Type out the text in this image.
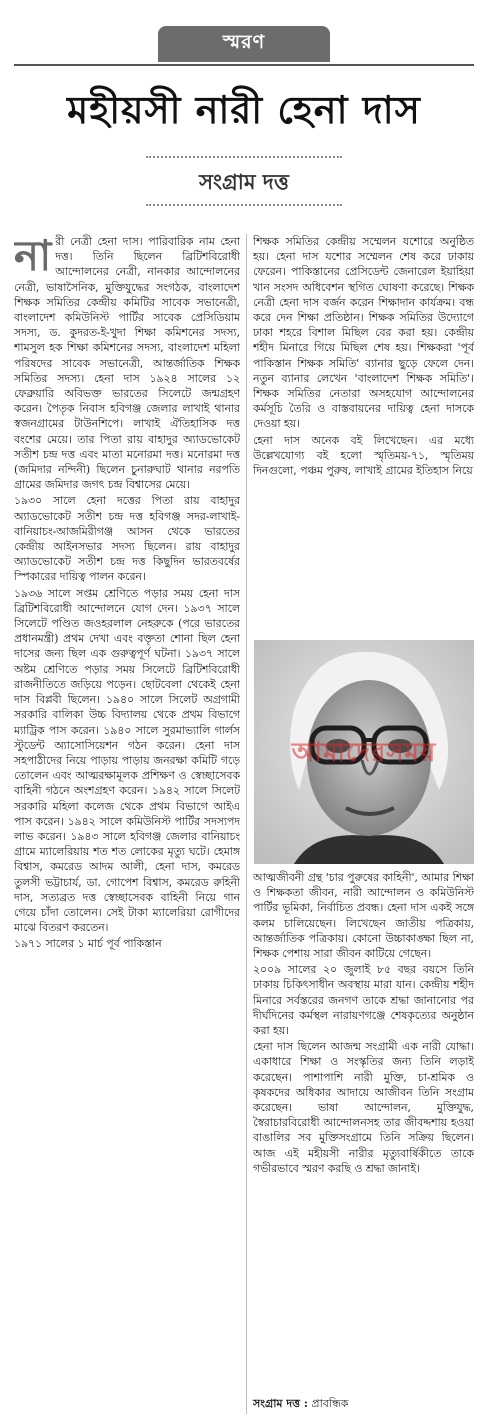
স্মরণ
মহীয়সী নারী হেনা দাস
সংগ্রাম দত্ত

নারী নেত্রী হেনা দাস। পারিবারিক নাম হেনা দত্ত। তিনি ছিলেন ব্রিটিশবিরোধী আন্দোলনের নেত্রী, নানকার আন্দোলনের নেত্রী, ভাষাসৈনিক, মুক্তিযুদ্ধের সংগঠক, বাংলাদেশ শিক্ষক সমিতির কেন্দ্রীয় কমিটির সাবেক সভানেত্রী, বাংলাদেশ কমিউনিস্ট পার্টির সাবেক প্রেসিডিয়াম সদস্য, ড. কুদরত-ই-খুদা শিক্ষা কমিশনের সদস্য, শামসুল হক শিক্ষা কমিশনের সদস্য, বাংলাদেশ মহিলা পরিষদের সাবেক সভানেত্রী, আন্তর্জাতিক শিক্ষক সমিতির সদস্য। হেনা দাস ১৯২৪ সালের ১২ ফেব্রুয়ারি অবিভক্ত ভারতের সিলেটে জন্মগ্রহণ করেন। পৈতৃক নিবাস হবিগঞ্জ জেলার লাখাই থানার স্বজনগ্রামের টাউনশিপে। লাখাই ঐতিহাসিক দত্ত বংশের মেয়ে। তার পিতা রায় বাহাদুর অ্যাডভোকেট সতীশ চন্দ্র দত্ত এবং মাতা মনোরমা দত্ত। মনোরমা দত্ত (জমিদার নন্দিনী) ছিলেন চুনারুঘাট থানার নরপতি গ্রামের জমিদার জগৎ চন্দ্র বিশ্বাসের মেয়ে।

১৯৩০ সালে হেনা দত্তের পিতা রায় বাহাদুর অ্যাডভোকেট সতীশ চন্দ্র দত্ত হবিগঞ্জ সদর-লাখাই-বানিয়াচং-আজমিরীগঞ্জ আসন থেকে ভারতের কেন্দ্রীয় আইনসভার সদস্য ছিলেন। রায় বাহাদুর অ্যাডভোকেট সতীশ চন্দ্র দত্ত কিছুদিন ভারতবর্ষের স্পিকারের দায়িত্ব পালন করেন।

১৯৩৬ সালে সপ্তম শ্রেণিতে পড়ার সময় হেনা দাস ব্রিটিশবিরোধী আন্দোলনে যোগ দেন। ১৯৩৭ সালে সিলেটে পণ্ডিত জওহরলাল নেহরুকে (পরে ভারতের প্রধানমন্ত্রী) প্রথম দেখা এবং বক্তৃতা শোনা ছিল হেনা দাসের জন্য ছিল এক গুরুত্বপূর্ণ ঘটনা। ১৯৩৭ সালে অষ্টম শ্রেণিতে পড়ার সময় সিলেটে ব্রিটিশবিরোধী রাজনীতিতে জড়িয়ে পড়েন। ছোটবেলা থেকেই হেনা দাস বিপ্লবী ছিলেন। ১৯৪০ সালে সিলেট অগ্রগামী সরকারি বালিকা উচ্চ বিদ্যালয় থেকে প্রথম বিভাগে ম্যাট্রিক পাস করেন। ১৯৪০ সালে সুরমাভ্যালি গার্লস স্টুডেন্ট অ্যাসোসিয়েশন গঠন করেন। হেনা দাস সহপাঠীদের নিয়ে পাড়ায় পাড়ায় জনরক্ষা কমিটি গড়ে তোলেন এবং আত্মরক্ষামূলক প্রশিক্ষণ ও স্বেচ্ছাসেবক বাহিনী গঠনে অংশগ্রহণ করেন। ১৯৪২ সালে সিলেট সরকারি মহিলা কলেজ থেকে প্রথম বিভাগে আইএ পাস করেন। ১৯৪২ সালে কমিউনিস্ট পার্টির সদস্যপদ লাভ করেন। ১৯৪৩ সালে হবিগঞ্জ জেলার বানিয়াচং গ্রামে ম্যালেরিয়ায় শত শত লোকের মৃত্যু ঘটে। হেমাঙ্গ বিশ্বাস, কমরেড আদম আলী, হেনা দাস, কমরেড তুলসী ভট্টাচার্য, ডা. গোপেশ বিশ্বাস, কমরেড রুহিনী দাস, সত্যব্রত দত্ত স্বেচ্ছাসেবক বাহিনী নিয়ে গান গেয়ে চাঁদা তোলেন। সেই টাকা ম্যালেরিয়া রোগীদের মাঝে বিতরণ করতেন।

১৯৭১ সালের ১ মার্চ পূর্ব পাকিস্তান

শিক্ষক সমিতির কেন্দ্রীয় সম্মেলন যশোরে অনুষ্ঠিত হয়। হেনা দাস যশোর সম্মেলন শেষ করে ঢাকায় ফেরেন। পাকিস্তানের প্রেসিডেন্ট জেনারেল ইয়াহিয়া খান সংসদ অধিবেশন স্থগিত ঘোষণা করেছে। শিক্ষক নেত্রী হেনা দাস বর্জন করেন শিক্ষাদান কার্যক্রম। বন্ধ করে দেন শিক্ষা প্রতিষ্ঠান। শিক্ষক সমিতির উদ্যোগে ঢাকা শহরে বিশাল মিছিল বের করা হয়। কেন্দ্রীয় শহীদ মিনারে গিয়ে মিছিল শেষ হয়। শিক্ষকরা 'পূর্ব পাকিস্তান শিক্ষক সমিতি' ব্যানার ছুড়ে ফেলে দেন। নতুন ব্যানার লেখেন 'বাংলাদেশ শিক্ষক সমিতি'। শিক্ষক সমিতির নেতারা অসহযোগ আন্দোলনের কর্মসূচি তৈরি ও বাস্তবায়নের দায়িত্ব হেনা দাসকে দেওয়া হয়।

হেনা দাস অনেক বই লিখেছেন। এর মধ্যে উল্লেখযোগ্য বই হলো স্মৃতিময়-৭১, স্মৃতিময় দিনগুলো, পঞ্চম পুরুষ, লাখাই গ্রামের ইতিহাস নিয়ে

আমাদেরসময়

আত্মজীবনী গ্রন্থ 'চার পুরুষের কাহিনী', আমার শিক্ষা ও শিক্ষকতা জীবন, নারী আন্দোলন ও কমিউনিস্ট পার্টির ভূমিকা, নির্বাচিত প্রবন্ধ। হেনা দাস একই সঙ্গে কলম চালিয়েছেন। লিখেছেন জাতীয় পত্রিকায়, আন্তর্জাতিক পত্রিকায়। কোনো উচ্চাকাঙ্ক্ষা ছিল না, শিক্ষক পেশায় সারা জীবন কাটিয়ে গেছেন।

২০০৯ সালের ২০ জুলাই ৮৫ বছর বয়সে তিনি ঢাকায় চিকিৎসাধীন অবস্থায় মারা যান। কেন্দ্রীয় শহীদ মিনারে সর্বস্তরের জনগণ তাকে শ্রদ্ধা জানানোর পর দীর্ঘদিনের কর্মস্থল নারায়ণগঞ্জে শেষকৃত্যের অনুষ্ঠান করা হয়।

হেনা দাস ছিলেন আজন্ম সংগ্রামী এক নারী যোদ্ধা। একাধারে শিক্ষা ও সংস্কৃতির জন্য তিনি লড়াই করেছেন। পাশাপাশি নারী মুক্তি, চা-শ্রমিক ও কৃষকদের অধিকার আদায়ে আজীবন তিনি সংগ্রাম করেছেন। ভাষা আন্দোলন, মুক্তিযুদ্ধ, স্বৈরাচারবিরোধী আন্দোলনসহ তার জীবদ্দশায় হওয়া বাঙালির সব মুক্তিসংগ্রামে তিনি সক্রিয় ছিলেন। আজ এই মহীয়সী নারীর মৃত্যুবার্ষিকীতে তাকে গভীরভাবে স্মরণ করছি ও শ্রদ্ধা জানাই।

সংগ্রাম দত্ত : প্রাবন্ধিক
